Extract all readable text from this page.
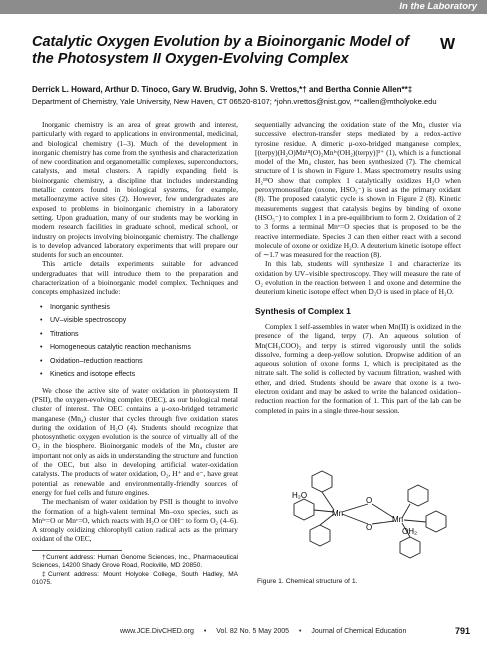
In the Laboratory
Catalytic Oxygen Evolution by a Bioinorganic Model of the Photosystem II Oxygen-Evolving Complex
W
Derrick L. Howard, Arthur D. Tinoco, Gary W. Brudvig, John S. Vrettos,*† and Bertha Connie Allen**‡
Department of Chemistry, Yale University, New Haven, CT 06520-8107; *john.vrettos@nist.gov, **callen@mtholyoke.edu

Inorganic chemistry is an area of great growth and interest, particularly with regard to applications in environmental, medicinal, and biological chemistry (1–3). Much of the development in inorganic chemistry has come from the synthesis and characterization of new coordination and organometallic complexes, superconductors, catalysts, and metal clusters. A rapidly expanding field is bioinorganic chemistry, a discipline that includes understanding metallic centers found in biological systems, for example, metalloenzyme active sites (2). However, few undergraduates are exposed to problems in bioinorganic chemistry in a laboratory setting. Upon graduation, many of our students may be working in modern research facilities in graduate school, medical school, or industry on projects involving bioinorganic chemistry. The challenge is to develop advanced laboratory experiments that will prepare our students for such an encounter.

This article details experiments suitable for advanced undergraduates that will introduce them to the preparation and characterization of a bioinorganic model complex. Techniques and concepts emphasized include:

• Inorganic synthesis
• UV–visible spectroscopy
• Titrations
• Homogeneous catalytic reaction mechanisms
• Oxidation–reduction reactions
• Kinetics and isotope effects

We chose the active site of water oxidation in photosystem II (PSII), the oxygen-evolving complex (OEC), as our biological metal cluster of interest. The OEC contains a μ-oxo-bridged tetrameric manganese (Mn₄) cluster that cycles through five oxidation states during the oxidation of H₂O (4). Students should recognize that photosynthetic oxygen evolution is the source of virtually all of the O₂ in the biosphere. Bioinorganic models of the Mn₄ cluster are important not only as aids in understanding the structure and function of the OEC, but also in developing artificial water-oxidation catalysts. The products of water oxidation, O₂, H⁺ and e⁻, have great potential as renewable and environmentally-friendly sources of energy for fuel cells and future engines.

The mechanism of water oxidation by PSII is thought to involve the formation of a high-valent terminal Mn–oxo species, such as Mnᴵᵛ=O or Mnᵛ=O, which reacts with H₂O or OH⁻ to form O₂ (4–6). A strongly oxidizing chlorophyll cation radical acts as the primary oxidant of the OEC,

†Current address: Human Genome Sciences, Inc., Pharmaceutical Sciences, 14200 Shady Grove Road, Rockville, MD 20850.

‡Current address: Mount Holyoke College, South Hadley, MA 01075.

sequentially advancing the oxidation state of the Mn₄ cluster via successive electron-transfer steps mediated by a redox-active tyrosine residue. A dimeric μ-oxo-bridged manganese complex, [(terpy)(H₂O)Mnᴵᴵᴵ(O)₂Mnᴵᵛ(OH₂)(terpy)]³⁺ (1), which is a functional model of the Mn₄ cluster, has been synthesized (7). The chemical structure of 1 is shown in Figure 1. Mass spectrometry results using H₂¹⁸O show that complex 1 catalytically oxidizes H₂O when peroxymonosulfate (oxone, HSO₅⁻) is used as the primary oxidant (8). The proposed catalytic cycle is shown in Figure 2 (8). Kinetic measurements suggest that catalysis begins by binding of oxone (HSO₅⁻) to complex 1 in a pre-equilibrium to form 2. Oxidation of 2 to 3 forms a terminal Mnᵛ=O species that is proposed to be the reactive intermediate. Species 3 can then either react with a second molecule of oxone or oxidize H₂O. A deuterium kinetic isotope effect of ∼1.7 was measured for the reaction (8).

In this lab, students will synthesize 1 and characterize its oxidation by UV–visible spectroscopy. They will measure the rate of O₂ evolution in the reaction between 1 and oxone and determine the deuterium kinetic isotope effect when D₂O is used in place of H₂O.

Synthesis of Complex 1

Complex 1 self-assembles in water when Mn(II) is oxidized in the presence of the ligand, terpy (7). An aqueous solution of Mn(CH₃COO)₂ and terpy is stirred vigorously until the solids dissolve, forming a deep-yellow solution. Dropwise addition of an aqueous solution of oxone forms 1, which is precipitated as the nitrate salt. The solid is collected by vacuum filtration, washed with ether, and dried. Students should be aware that oxone is a two-electron oxidant and may be asked to write the balanced oxidation–reduction reaction for the formation of 1. This part of the lab can be completed in pairs in a single three-hour session.

H₂O
Mn
O
O
Mn
OH₂
Figure 1. Chemical structure of 1.
www.JCE.DivCHED.org • Vol. 82 No. 5 May 2005 • Journal of Chemical Education	791
